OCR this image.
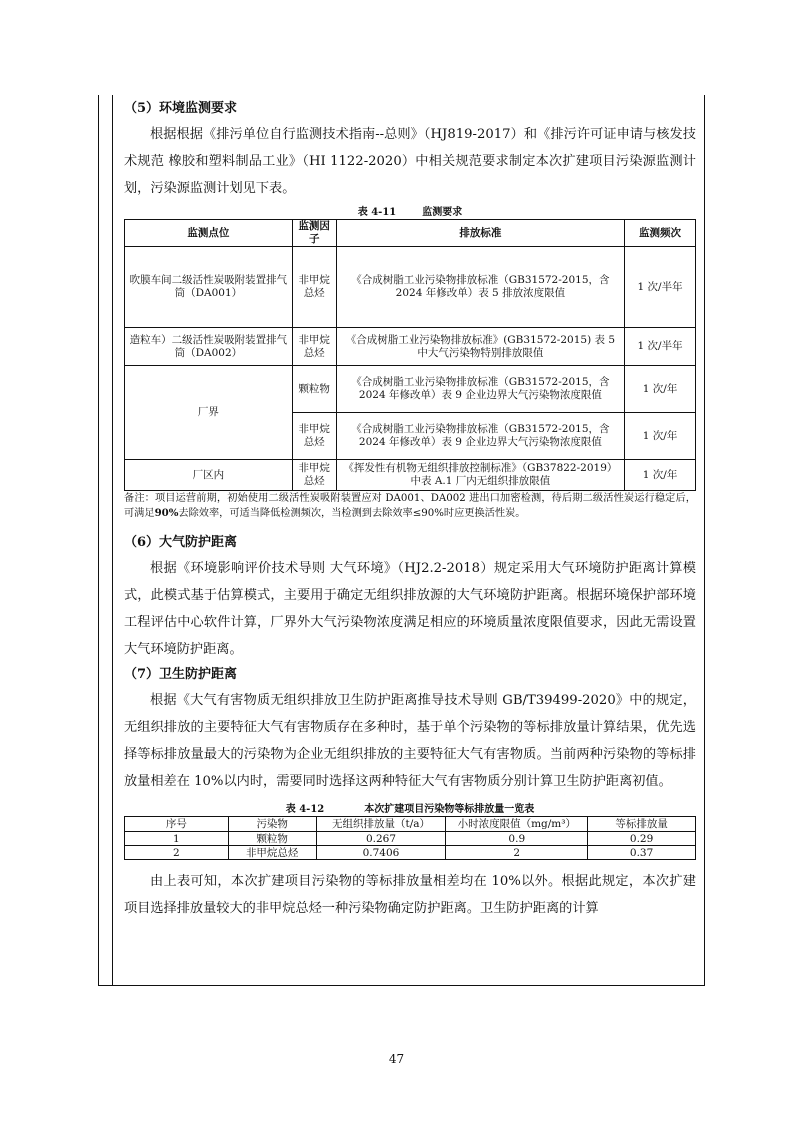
（5）环境监测要求

根据根据《排污单位自行监测技术指南--总则》（HJ819-2017）和《排污许可证申请与核发技术规范 橡胶和塑料制品工业》（HI 1122-2020）中相关规范要求制定本次扩建项目污染源监测计划，污染源监测计划见下表。

表 4-11	监测要求
监测点位	监测因子	排放标准	监测频次
吹膜车间二级活性炭吸附装置排气筒（DA001）	非甲烷总烃	《合成树脂工业污染物排放标准（GB31572-2015，含 2024 年修改单）表 5 排放浓度限值	1 次/半年
造粒车）二级活性炭吸附装置排气筒（DA002）	非甲烷总烃	《合成树脂工业污染物排放标准》(GB31572-2015) 表 5 中大气污染物特别排放限值	1 次/半年
厂界	颗粒物	《合成树脂工业污染物排放标准（GB31572-2015，含 2024 年修改单）表 9 企业边界大气污染物浓度限值	1 次/年
	非甲烷总烃	《合成树脂工业污染物排放标准（GB31572-2015，含 2024 年修改单）表 9 企业边界大气污染物浓度限值	1 次/年
厂区内	非甲烷总烃	《挥发性有机物无组织排放控制标准》（GB37822-2019）中表 A.1 厂内无组织排放限值	1 次/年

备注：项目运营前期，初始使用二级活性炭吸附装置应对 DA001、DA002 进出口加密检测，待后期二级活性炭运行稳定后，可满足90%去除效率，可适当降低检测频次，当检测到去除效率≤90%时应更换活性炭。

（6）大气防护距离

根据《环境影响评价技术导则 大气环境》（HJ2.2-2018）规定采用大气环境防护距离计算模式，此模式基于估算模式，主要用于确定无组织排放源的大气环境防护距离。根据环境保护部环境工程评估中心软件计算，厂界外大气污染物浓度满足相应的环境质量浓度限值要求，因此无需设置大气环境防护距离。

（7）卫生防护距离

根据《大气有害物质无组织排放卫生防护距离推导技术导则 GB/T39499-2020》中的规定，无组织排放的主要特征大气有害物质存在多种时，基于单个污染物的等标排放量计算结果，优先选择等标排放量最大的污染物为企业无组织排放的主要特征大气有害物质。当前两种污染物的等标排放量相差在 10%以内时，需要同时选择这两种特征大气有害物质分别计算卫生防护距离初值。

表 4-12	本次扩建项目污染物等标排放量一览表
序号	污染物	无组织排放量（t/a）	小时浓度限值（mg/m³）	等标排放量
1	颗粒物	0.267	0.9	0.29
2	非甲烷总烃	0.7406	2	0.37

由上表可知，本次扩建项目污染物的等标排放量相差均在 10%以外。根据此规定，本次扩建项目选择排放量较大的非甲烷总烃一种污染物确定防护距离。卫生防护距离的计算

47
